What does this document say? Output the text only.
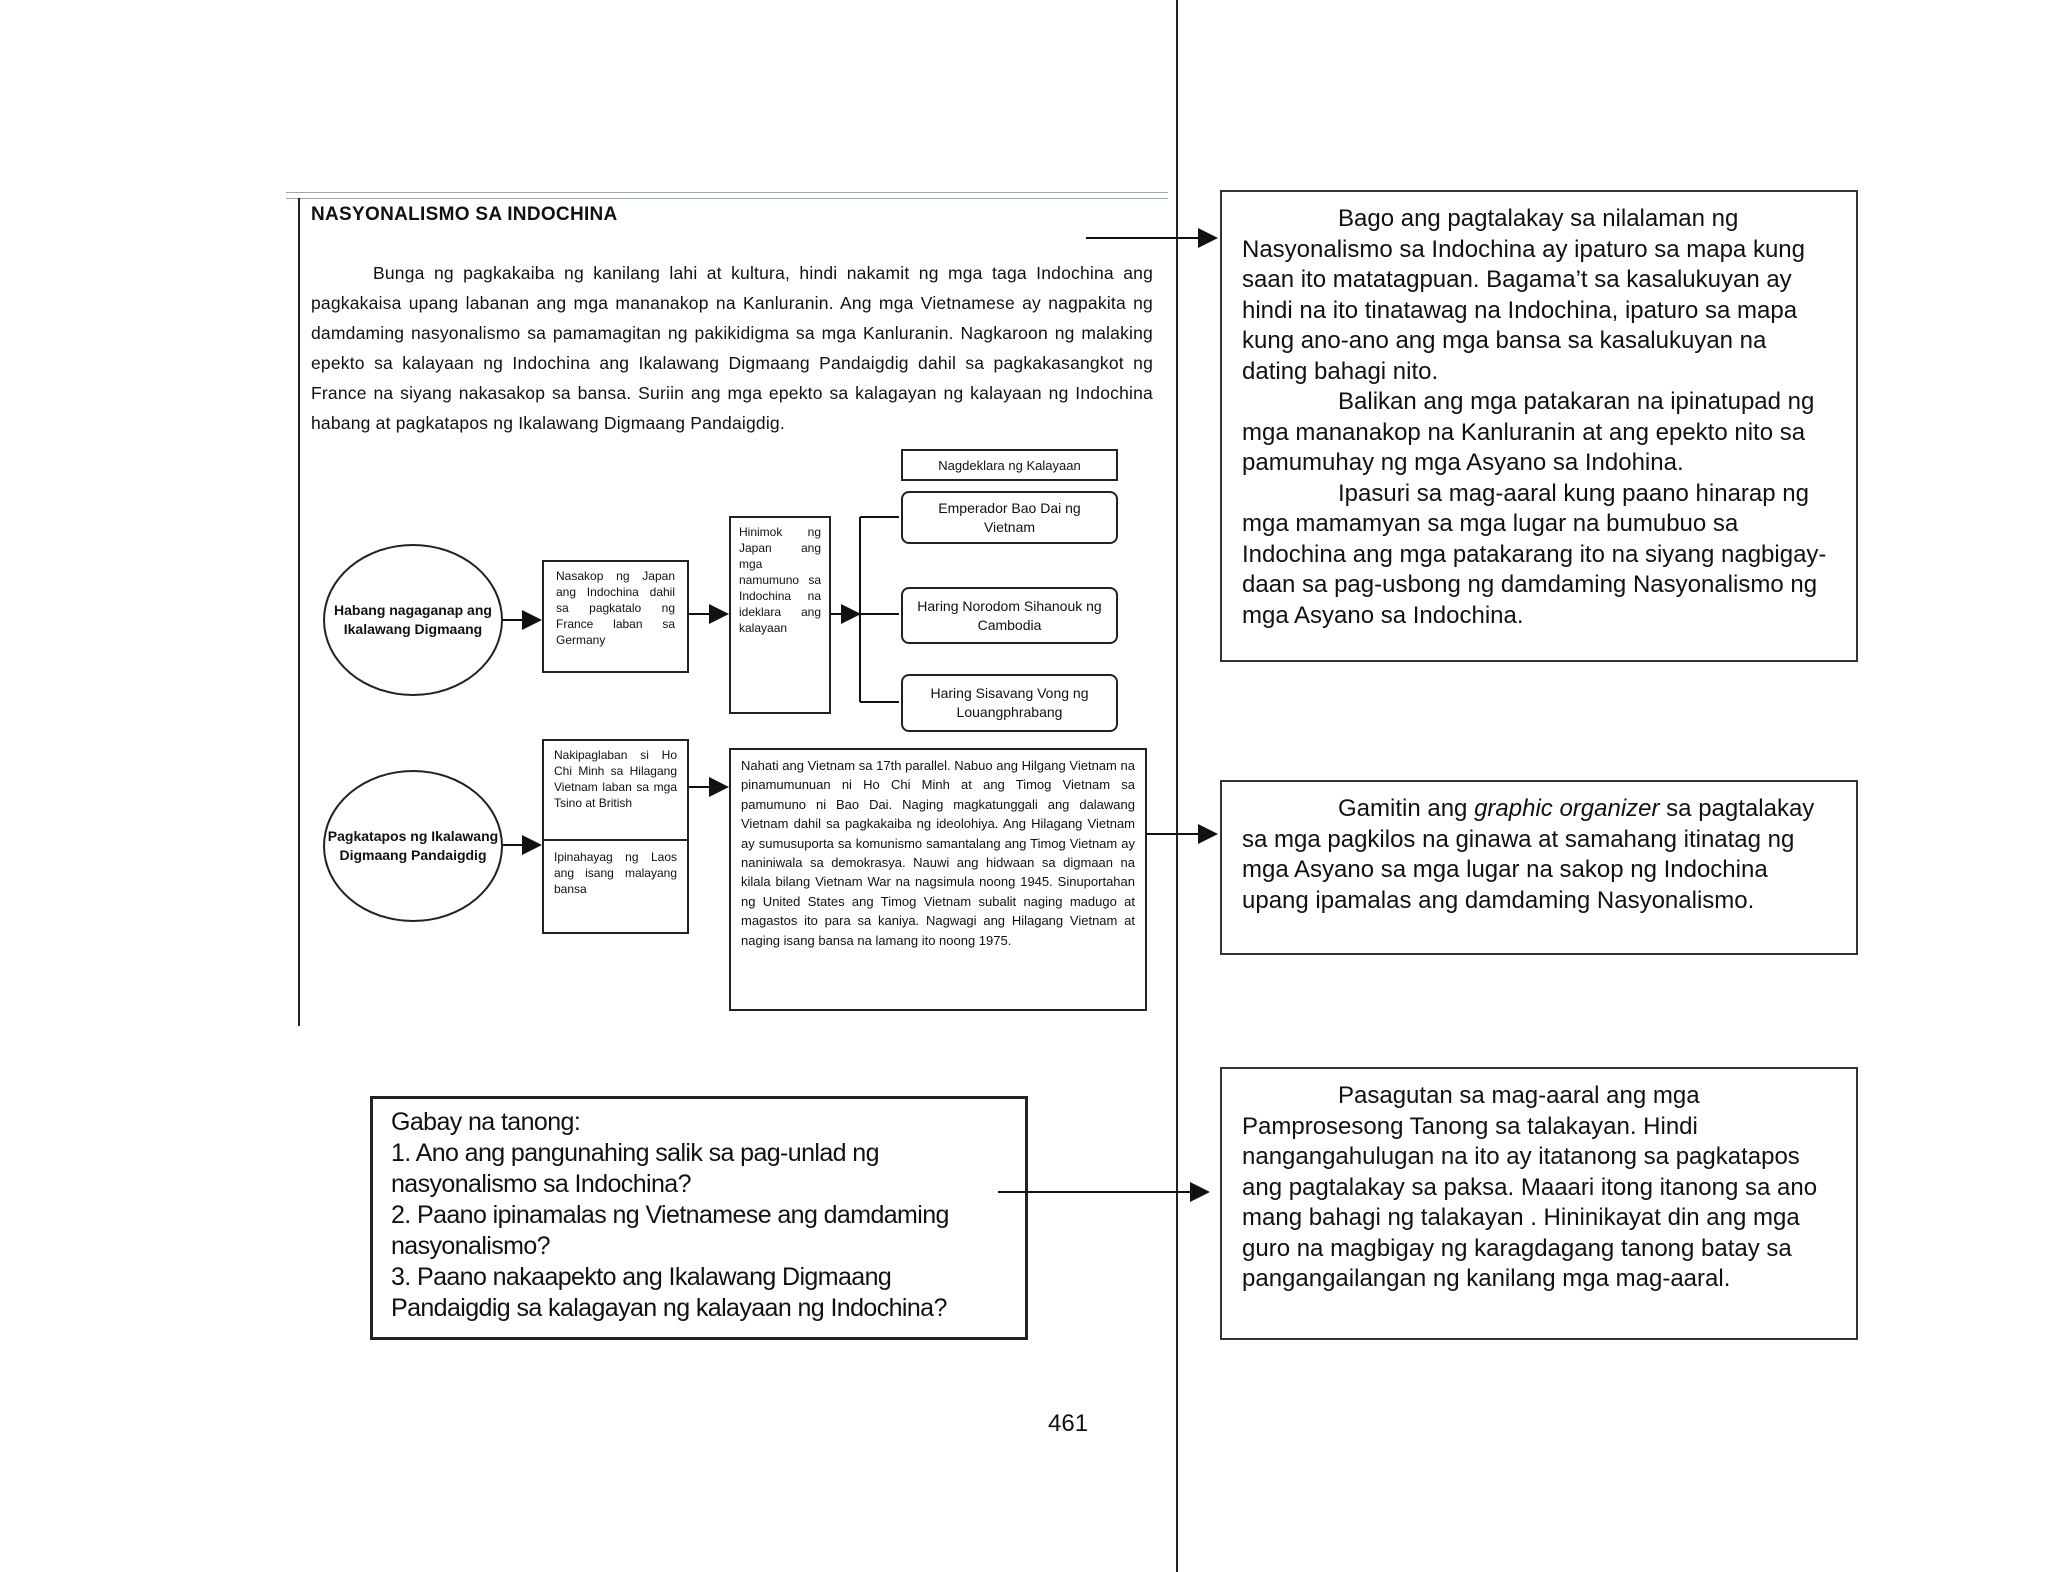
NASYONALISMO SA INDOCHINA
Bunga ng pagkakaiba ng kanilang lahi at kultura, hindi nakamit ng mga taga Indochina ang pagkakaisa upang labanan ang mga mananakop na Kanluranin. Ang mga Vietnamese ay nagpakita ng damdaming nasyonalismo sa pamamagitan ng pakikidigma sa mga Kanluranin. Nagkaroon ng malaking epekto sa kalayaan ng Indochina ang Ikalawang Digmaang Pandaigdig dahil sa pagkakasangkot ng France na siyang nakasakop sa bansa. Suriin ang mga epekto sa kalagayan ng kalayaan ng Indochina habang at pagkatapos ng Ikalawang Digmaang Pandaigdig.
Habang nagaganap ang Ikalawang Digmaang
Pagkatapos ng Ikalawang Digmaang Pandaigdig
Nasakop ng Japan ang Indochina dahil sa pagkatalo ng France laban sa Germany
Hinimok ng Japan ang mga namumuno sa Indochina na ideklara ang kalayaan
Nagdeklara ng Kalayaan
Emperador Bao Dai ng Vietnam
Haring Norodom Sihanouk ng Cambodia
Haring Sisavang Vong ng Louangphrabang
Nakipaglaban si Ho Chi Minh sa Hilagang Vietnam laban sa mga Tsino at British
Ipinahayag ng Laos ang isang malayang bansa
Nahati ang Vietnam sa 17th parallel. Nabuo ang Hilgang Vietnam na pinamumunuan ni Ho Chi Minh at ang Timog Vietnam sa pamumuno ni Bao Dai. Naging magkatunggali ang dalawang Vietnam dahil sa pagkakaiba ng ideolohiya. Ang Hilagang Vietnam ay sumusuporta sa komunismo samantalang ang Timog Vietnam ay naniniwala sa demokrasya. Nauwi ang hidwaan sa digmaan na kilala bilang Vietnam War na nagsimula noong 1945. Sinuportahan ng United States ang Timog Vietnam subalit naging madugo at magastos ito para sa kaniya. Nagwagi ang Hilagang Vietnam at naging isang bansa na lamang ito noong 1975.
Gabay na tanong:
1. Ano ang pangunahing salik sa pag-unlad ng nasyonalismo sa Indochina?
2. Paano ipinamalas ng Vietnamese ang damdaming nasyonalismo?
3. Paano nakaapekto ang Ikalawang Digmaang Pandaigdig sa kalagayan ng kalayaan ng Indochina?

Bago ang pagtalakay sa nilalaman ng Nasyonalismo sa Indochina ay ipaturo sa mapa kung saan ito matatagpuan. Bagama’t sa kasalukuyan ay hindi na ito tinatawag na Indochina, ipaturo sa mapa kung ano-ano ang mga bansa sa kasalukuyan na dating bahagi nito.

Balikan ang mga patakaran na ipinatupad ng mga mananakop na Kanluranin at ang epekto nito sa pamumuhay ng mga Asyano sa Indohina.

Ipasuri sa mag-aaral kung paano hinarap ng mga mamamyan sa mga lugar na bumubuo sa Indochina ang mga patakarang ito na siyang nagbigay-daan sa pag-usbong ng damdaming Nasyonalismo ng mga Asyano sa Indochina.

Gamitin ang graphic organizer sa pagtalakay sa mga pagkilos na ginawa at samahang itinatag ng mga Asyano sa mga lugar na sakop ng Indochina upang ipamalas ang damdaming Nasyonalismo.

Pasagutan sa mag-aaral ang mga Pamprosesong Tanong sa talakayan. Hindi nangangahulugan na ito ay itatanong sa pagkatapos ang pagtalakay sa paksa. Maaari itong itanong sa ano mang bahagi ng talakayan . Hininikayat din ang mga guro na magbigay ng karagdagang tanong batay sa pangangailangan ng kanilang mga mag-aaral.

461
